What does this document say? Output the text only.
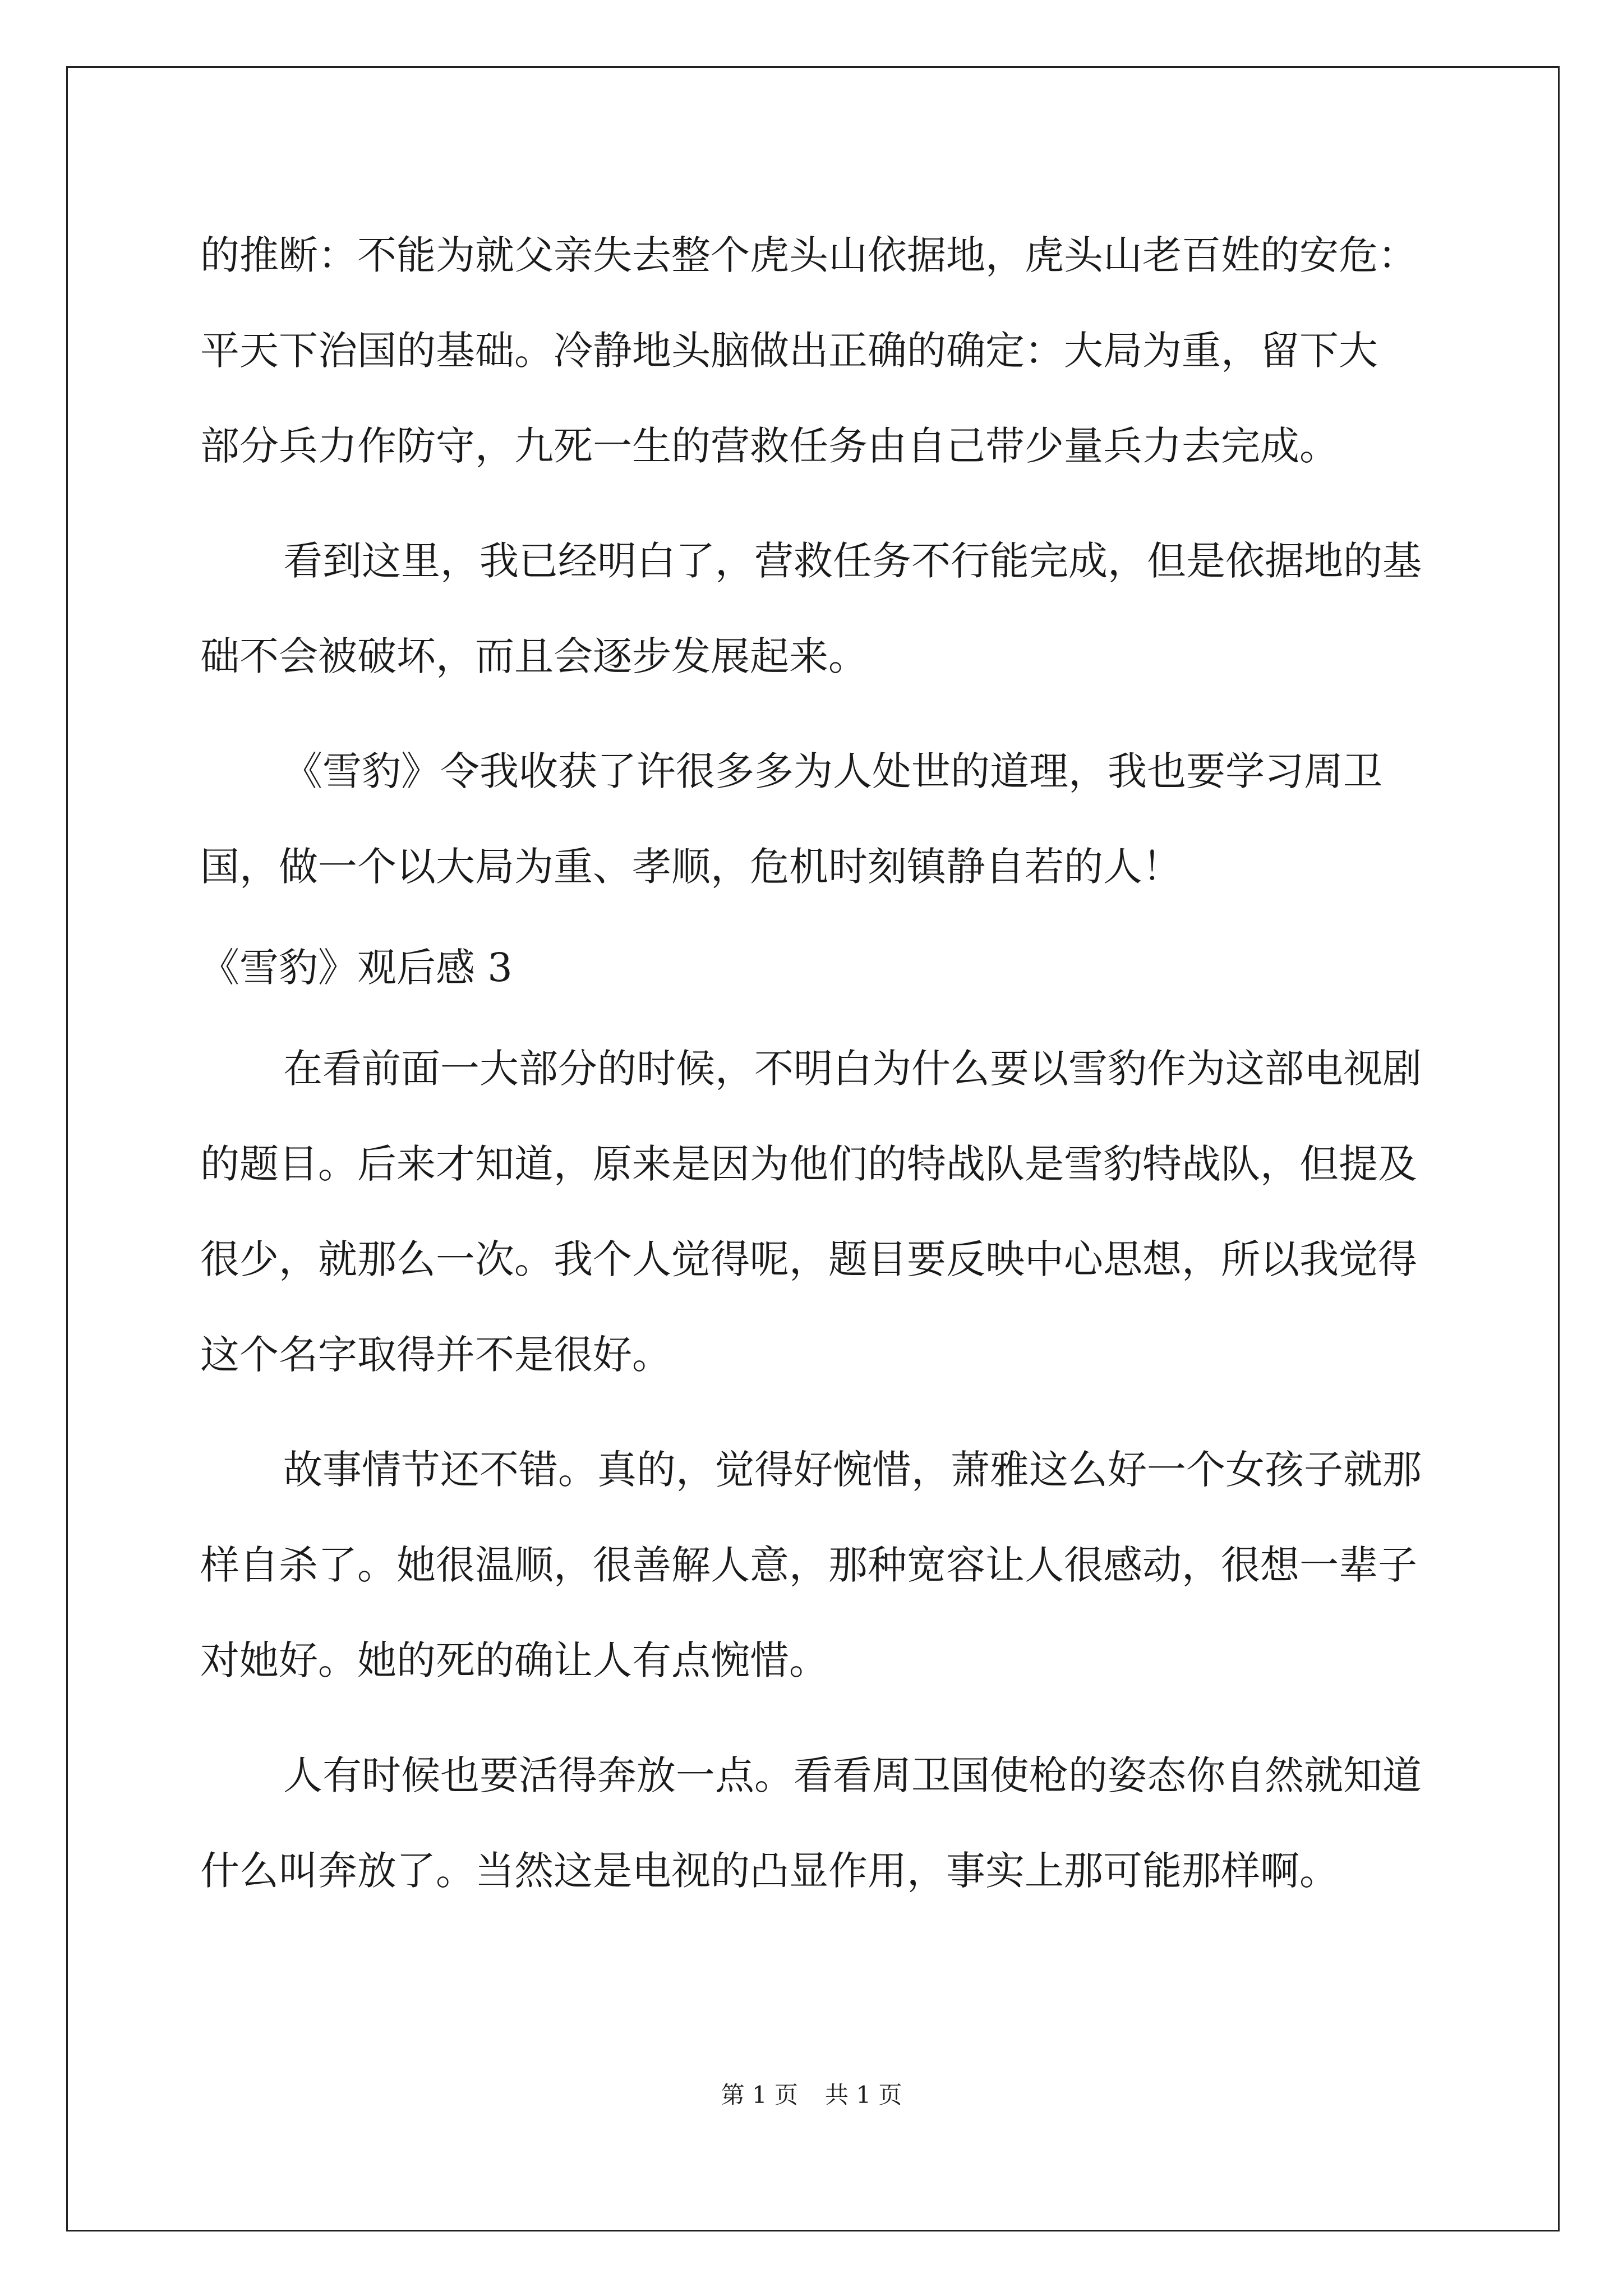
的推断：不能为就父亲失去整个虎头山依据地，虎头山老百姓的安危：

平天下治国的基础。冷静地头脑做出正确的确定：大局为重，留下大

部分兵力作防守，九死一生的营救任务由自己带少量兵力去完成。

看到这里，我已经明白了，营救任务不行能完成，但是依据地的基础不会被破坏，而且会逐步发展起来。

《雪豹》令我收获了许很多多为人处世的道理，我也要学习周卫国，做一个以大局为重、孝顺，危机时刻镇静自若的人！

《雪豹》观后感 3

在看前面一大部分的时候，不明白为什么要以雪豹作为这部电视剧的题目。后来才知道，原来是因为他们的特战队是雪豹特战队，但提及很少，就那么一次。我个人觉得呢，题目要反映中心思想，所以我觉得这个名字取得并不是很好。

故事情节还不错。真的，觉得好惋惜，萧雅这么好一个女孩子就那样自杀了。她很温顺，很善解人意，那种宽容让人很感动，很想一辈子对她好。她的死的确让人有点惋惜。

人有时候也要活得奔放一点。看看周卫国使枪的姿态你自然就知道什么叫奔放了。当然这是电视的凸显作用，事实上那可能那样啊。

第 1 页 共 1 页
